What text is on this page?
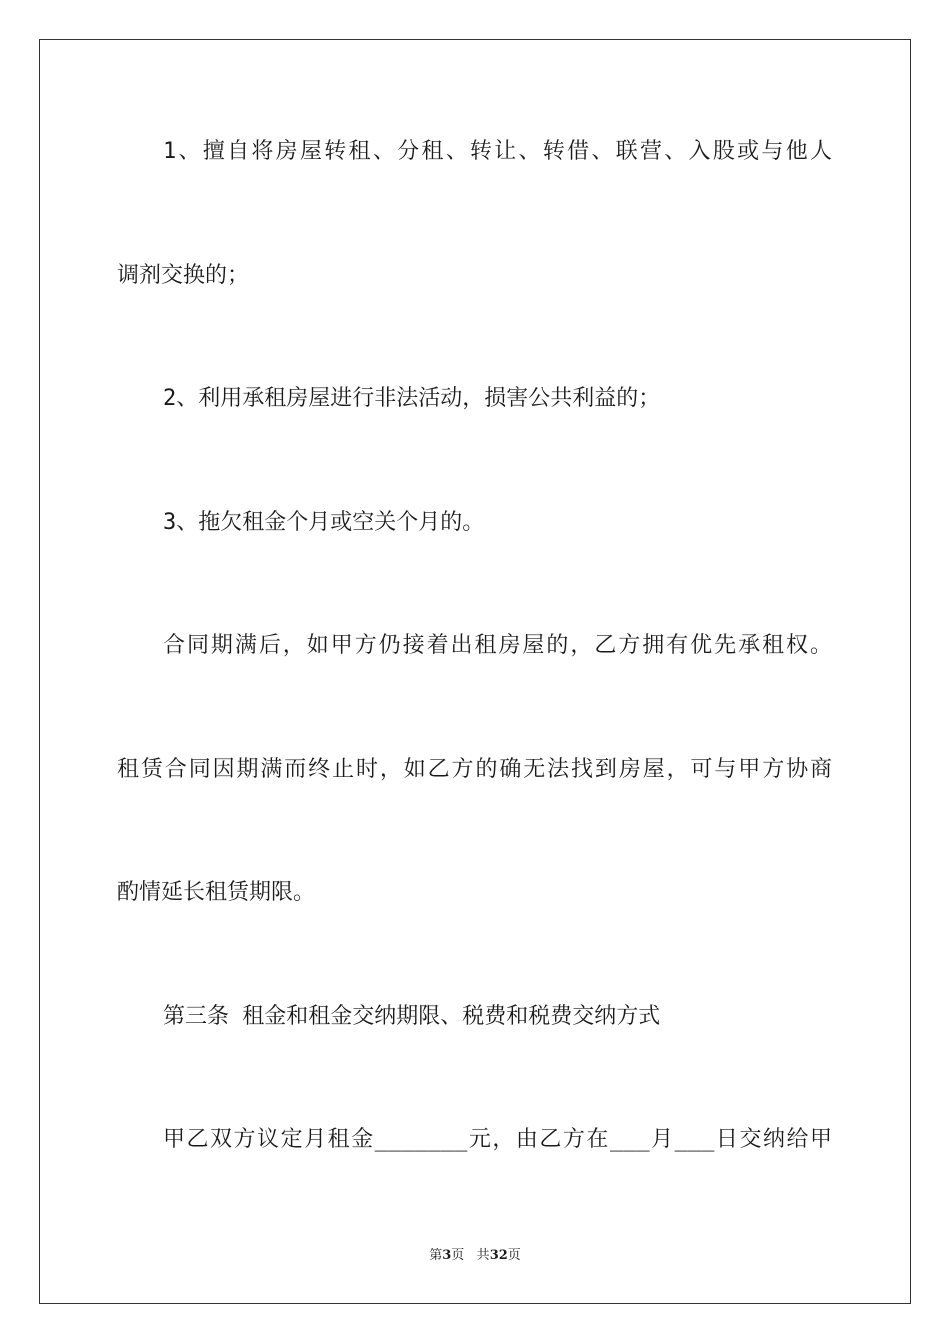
1、擅自将房屋转租、分租、转让、转借、联营、入股或与他人
调剂交换的；
2、利用承租房屋进行非法活动，损害公共利益的；
3、拖欠租金个月或空关个月的。
合同期满后，如甲方仍接着出租房屋的，乙方拥有优先承租权。
租赁合同因期满而终止时，如乙方的确无法找到房屋，可与甲方协商
酌情延长租赁期限。
第三条 租金和租金交纳期限、税费和税费交纳方式
甲乙双方议定月租金_______元，由乙方在___月___日交纳给甲
第3页 共32页
